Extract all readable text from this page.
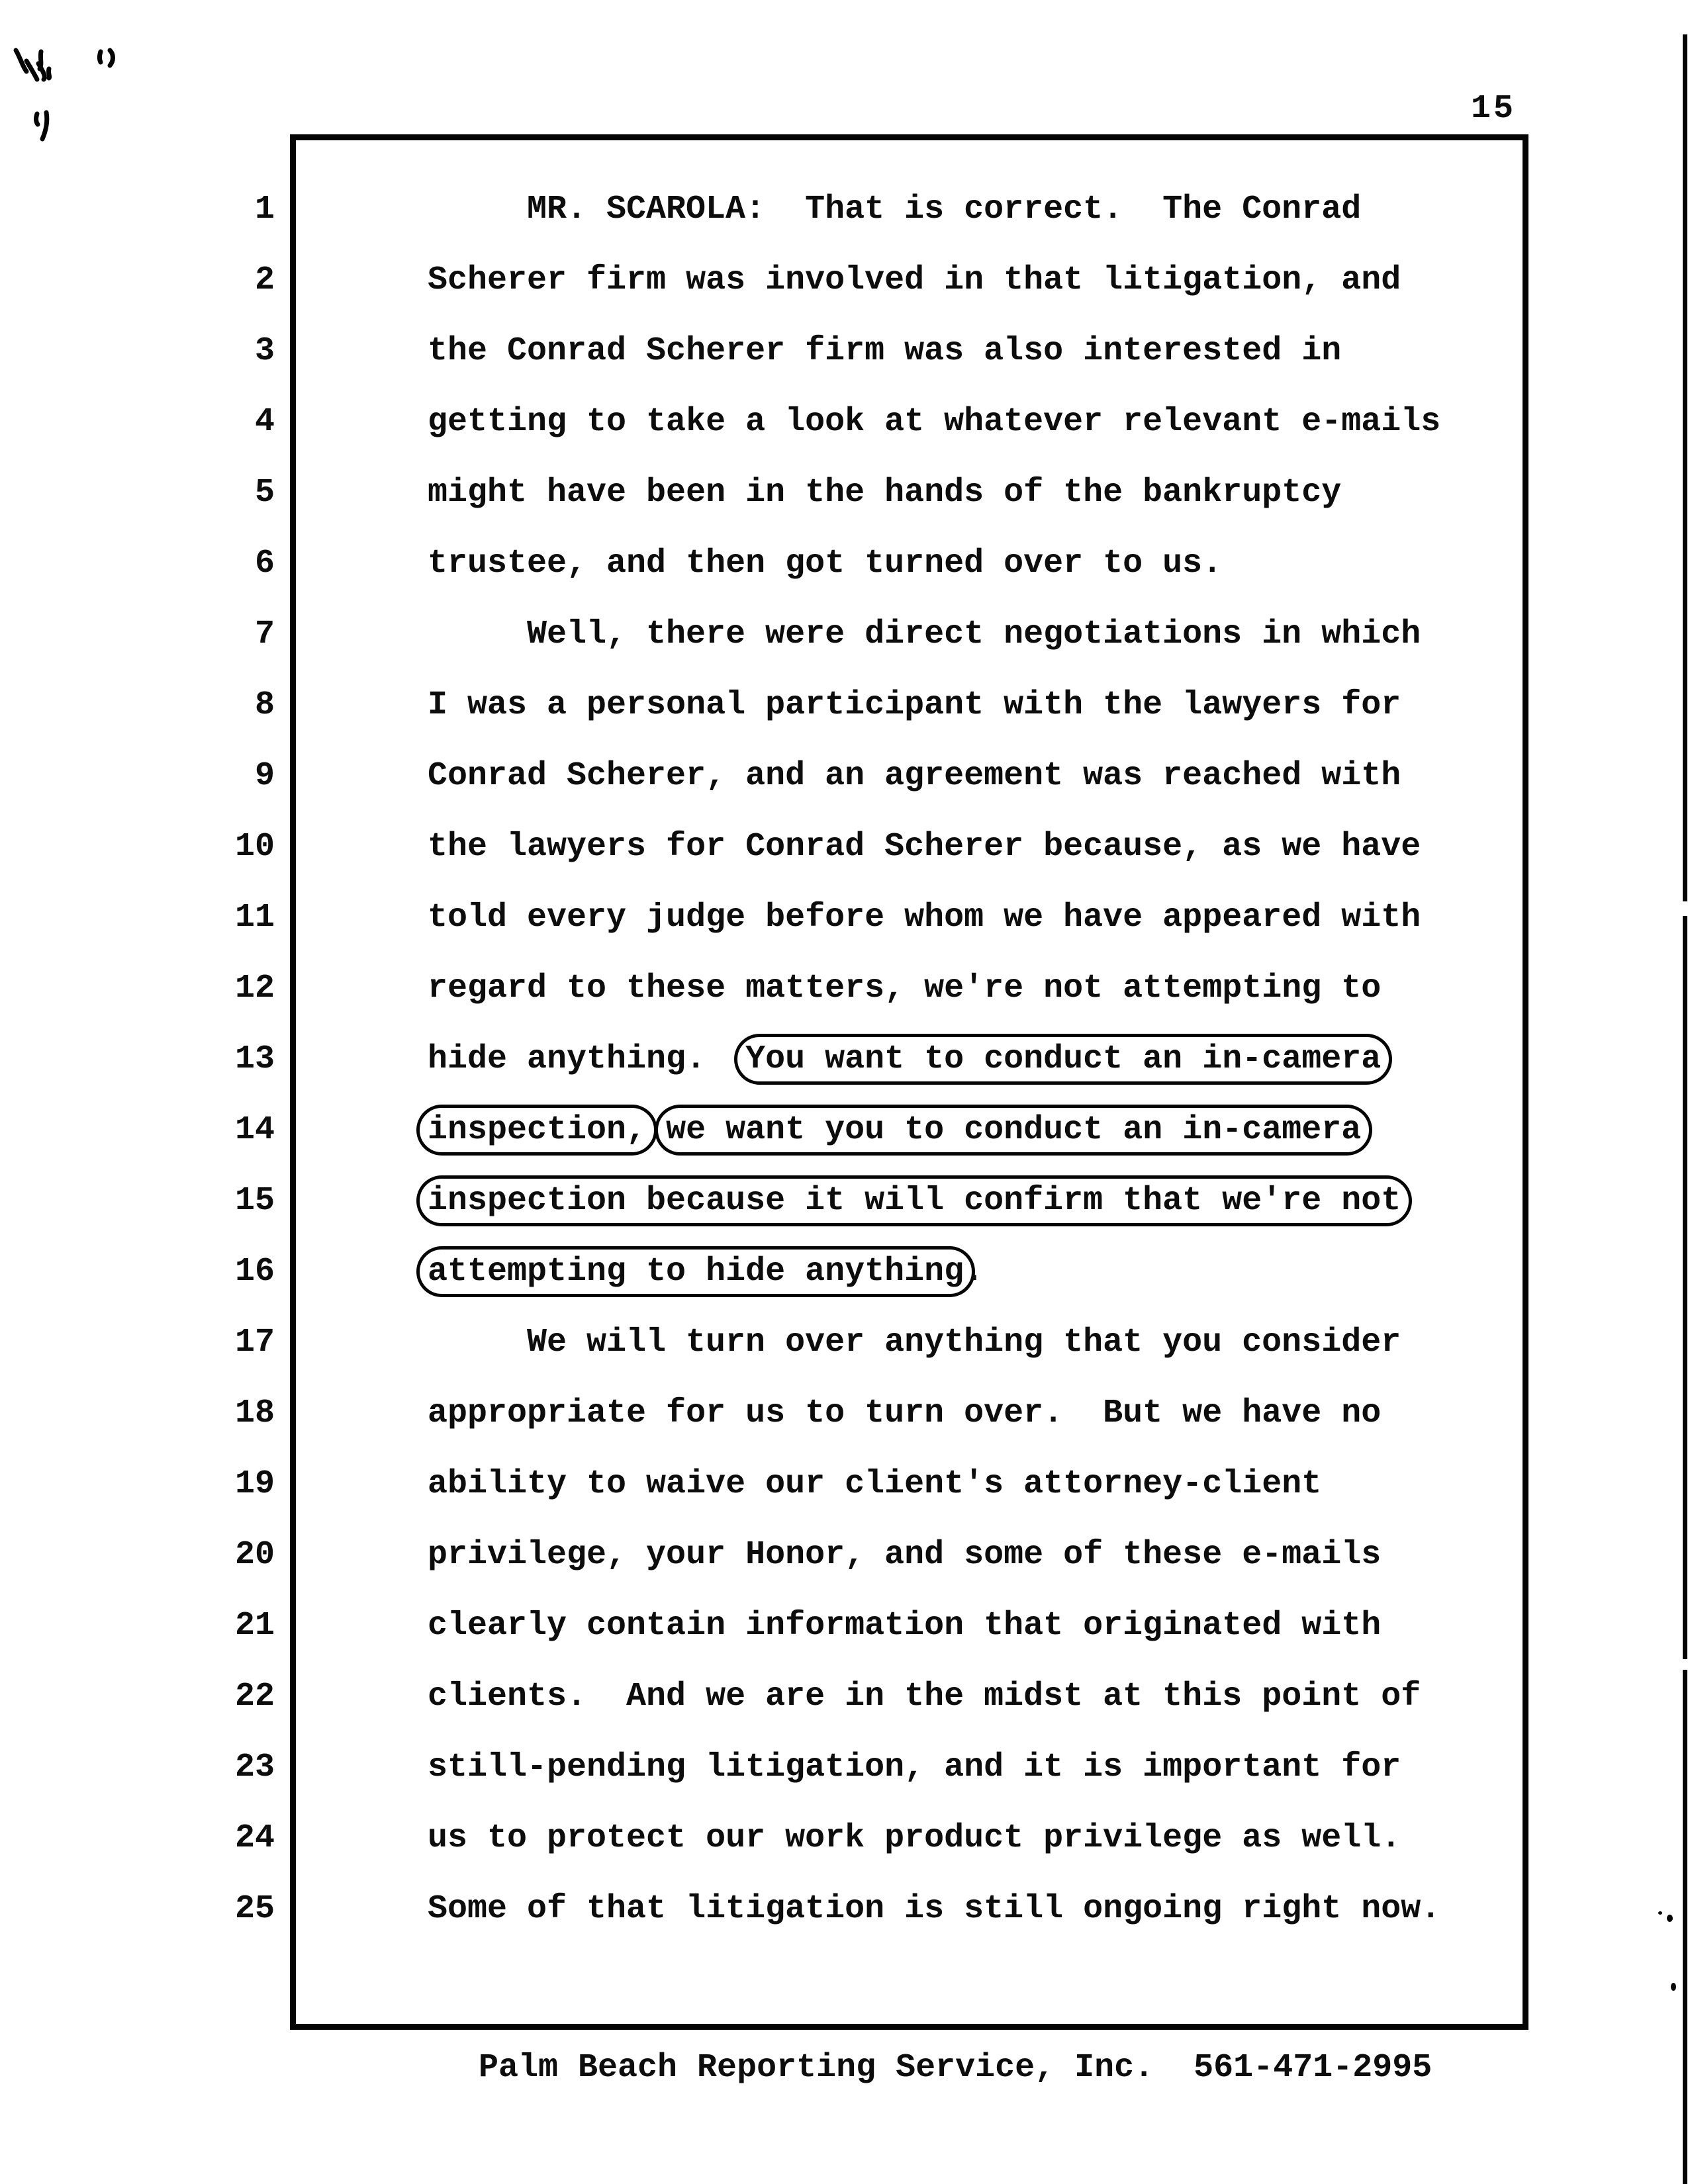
15
1
2
3
4
5
6
7
8
9
10
11
12
13
14
15
16
17
18
19
20
21
22
23
24
25
MR. SCAROLA:  That is correct.  The Conrad
Scherer firm was involved in that litigation, and
the Conrad Scherer firm was also interested in
getting to take a look at whatever relevant e-mails
might have been in the hands of the bankruptcy
trustee, and then got turned over to us.
Well, there were direct negotiations in which
I was a personal participant with the lawyers for
Conrad Scherer, and an agreement was reached with
the lawyers for Conrad Scherer because, as we have
told every judge before whom we have appeared with
regard to these matters, we're not attempting to
hide anything.  You want to conduct an in-camera
inspection, we want you to conduct an in-camera
inspection because it will confirm that we're not
attempting to hide anything.
We will turn over anything that you consider
appropriate for us to turn over.  But we have no
ability to waive our client's attorney-client
privilege, your Honor, and some of these e-mails
clearly contain information that originated with
clients.  And we are in the midst at this point of
still-pending litigation, and it is important for
us to protect our work product privilege as well.
Some of that litigation is still ongoing right now.
Palm Beach Reporting Service, Inc.  561-471-2995
